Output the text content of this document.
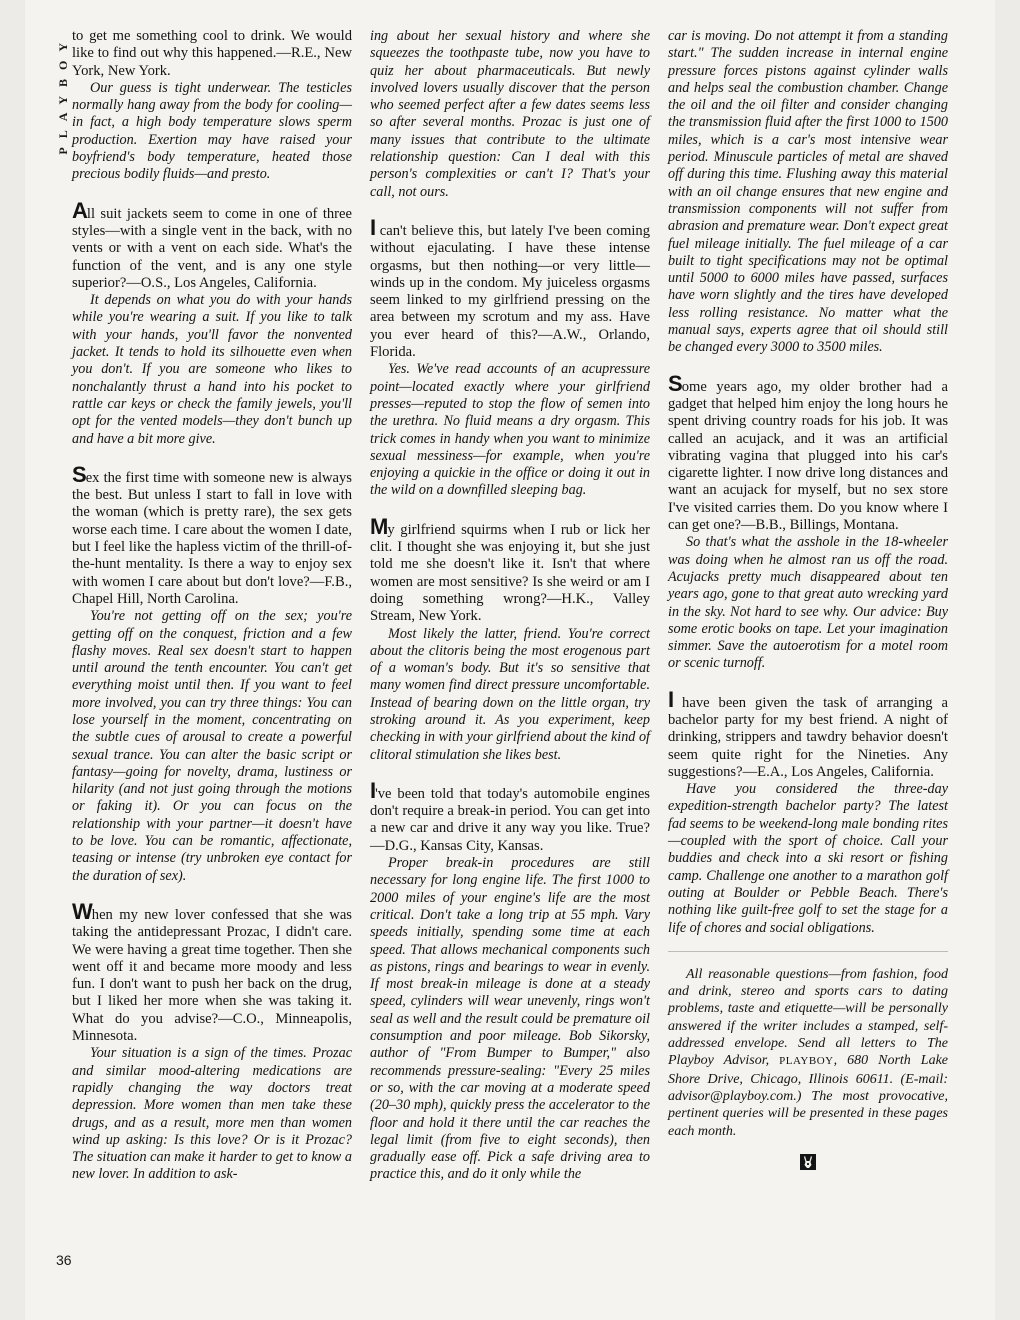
PLAYBOY
36

to get me something cool to drink. We would like to find out why this happened.—R.E., New York, New York.

Our guess is tight underwear. The testicles normally hang away from the body for cooling—in fact, a high body temperature slows sperm production. Exertion may have raised your boyfriend's body temperature, heated those precious bodily fluids—and presto.

All suit jackets seem to come in one of three styles—with a single vent in the back, with no vents or with a vent on each side. What's the function of the vent, and is any one style superior?—O.S., Los Angeles, California.

It depends on what you do with your hands while you're wearing a suit. If you like to talk with your hands, you'll favor the nonvented jacket. It tends to hold its silhouette even when you don't. If you are someone who likes to nonchalantly thrust a hand into his pocket to rattle car keys or check the family jewels, you'll opt for the vented models—they don't bunch up and have a bit more give.

Sex the first time with someone new is always the best. But unless I start to fall in love with the woman (which is pretty rare), the sex gets worse each time. I care about the women I date, but I feel like the hapless victim of the thrill-of-the-hunt mentality. Is there a way to enjoy sex with women I care about but don't love?—F.B., Chapel Hill, North Carolina.

You're not getting off on the sex; you're getting off on the conquest, friction and a few flashy moves. Real sex doesn't start to happen until around the tenth encounter. You can't get everything moist until then. If you want to feel more involved, you can try three things: You can lose yourself in the moment, concentrating on the subtle cues of arousal to create a powerful sexual trance. You can alter the basic script or fantasy—going for novelty, drama, lustiness or hilarity (and not just going through the motions or faking it). Or you can focus on the relationship with your partner—it doesn't have to be love. You can be romantic, affectionate, teasing or intense (try unbroken eye contact for the duration of sex).

When my new lover confessed that she was taking the antidepressant Prozac, I didn't care. We were having a great time together. Then she went off it and became more moody and less fun. I don't want to push her back on the drug, but I liked her more when she was taking it. What do you advise?—C.O., Minneapolis, Minnesota.

Your situation is a sign of the times. Prozac and similar mood-altering medications are rapidly changing the way doctors treat depression. More women than men take these drugs, and as a result, more men than women wind up asking: Is this love? Or is it Prozac? The situation can make it harder to get to know a new lover. In addition to ask-

ing about her sexual history and where she squeezes the toothpaste tube, now you have to quiz her about pharmaceuticals. But newly involved lovers usually discover that the person who seemed perfect after a few dates seems less so after several months. Prozac is just one of many issues that contribute to the ultimate relationship question: Can I deal with this person's complexities or can't I? That's your call, not ours.

I can't believe this, but lately I've been coming without ejaculating. I have these intense orgasms, but then nothing—or very little—winds up in the condom. My juiceless orgasms seem linked to my girlfriend pressing on the area between my scrotum and my ass. Have you ever heard of this?—A.W., Orlando, Florida.

Yes. We've read accounts of an acupressure point—located exactly where your girlfriend presses—reputed to stop the flow of semen into the urethra. No fluid means a dry orgasm. This trick comes in handy when you want to minimize sexual messiness—for example, when you're enjoying a quickie in the office or doing it out in the wild on a downfilled sleeping bag.

My girlfriend squirms when I rub or lick her clit. I thought she was enjoying it, but she just told me she doesn't like it. Isn't that where women are most sensitive? Is she weird or am I doing something wrong?—H.K., Valley Stream, New York.

Most likely the latter, friend. You're correct about the clitoris being the most erogenous part of a woman's body. But it's so sensitive that many women find direct pressure uncomfortable. Instead of bearing down on the little organ, try stroking around it. As you experiment, keep checking in with your girlfriend about the kind of clitoral stimulation she likes best.

I've been told that today's automobile engines don't require a break-in period. You can get into a new car and drive it any way you like. True?—D.G., Kansas City, Kansas.

Proper break-in procedures are still necessary for long engine life. The first 1000 to 2000 miles of your engine's life are the most critical. Don't take a long trip at 55 mph. Vary speeds initially, spending some time at each speed. That allows mechanical components such as pistons, rings and bearings to wear in evenly. If most break-in mileage is done at a steady speed, cylinders will wear unevenly, rings won't seal as well and the result could be premature oil consumption and poor mileage. Bob Sikorsky, author of "From Bumper to Bumper," also recommends pressure-sealing: "Every 25 miles or so, with the car moving at a moderate speed (20–30 mph), quickly press the accelerator to the floor and hold it there until the car reaches the legal limit (from five to eight seconds), then gradually ease off. Pick a safe driving area to practice this, and do it only while the

car is moving. Do not attempt it from a standing start." The sudden increase in internal engine pressure forces pistons against cylinder walls and helps seal the combustion chamber. Change the oil and the oil filter and consider changing the transmission fluid after the first 1000 to 1500 miles, which is a car's most intensive wear period. Minuscule particles of metal are shaved off during this time. Flushing away this material with an oil change ensures that new engine and transmission components will not suffer from abrasion and premature wear. Don't expect great fuel mileage initially. The fuel mileage of a car built to tight specifications may not be optimal until 5000 to 6000 miles have passed, surfaces have worn slightly and the tires have developed less rolling resistance. No matter what the manual says, experts agree that oil should still be changed every 3000 to 3500 miles.

Some years ago, my older brother had a gadget that helped him enjoy the long hours he spent driving country roads for his job. It was called an acujack, and it was an artificial vibrating vagina that plugged into his car's cigarette lighter. I now drive long distances and want an acujack for myself, but no sex store I've visited carries them. Do you know where I can get one?—B.B., Billings, Montana.

So that's what the asshole in the 18-wheeler was doing when he almost ran us off the road. Acujacks pretty much disappeared about ten years ago, gone to that great auto wrecking yard in the sky. Not hard to see why. Our advice: Buy some erotic books on tape. Let your imagination simmer. Save the autoerotism for a motel room or scenic turnoff.

I have been given the task of arranging a bachelor party for my best friend. A night of drinking, strippers and tawdry behavior doesn't seem quite right for the Nineties. Any suggestions?—E.A., Los Angeles, California.

Have you considered the three-day expedition-strength bachelor party? The latest fad seems to be weekend-long male bonding rites—coupled with the sport of choice. Call your buddies and check into a ski resort or fishing camp. Challenge one another to a marathon golf outing at Boulder or Pebble Beach. There's nothing like guilt-free golf to set the stage for a life of chores and social obligations.

All reasonable questions—from fashion, food and drink, stereo and sports cars to dating problems, taste and etiquette—will be personally answered if the writer includes a stamped, self-addressed envelope. Send all letters to The Playboy Advisor, PLAYBOY, 680 North Lake Shore Drive, Chicago, Illinois 60611. (E-mail: advisor@playboy.com.) The most provocative, pertinent queries will be presented in these pages each month.
